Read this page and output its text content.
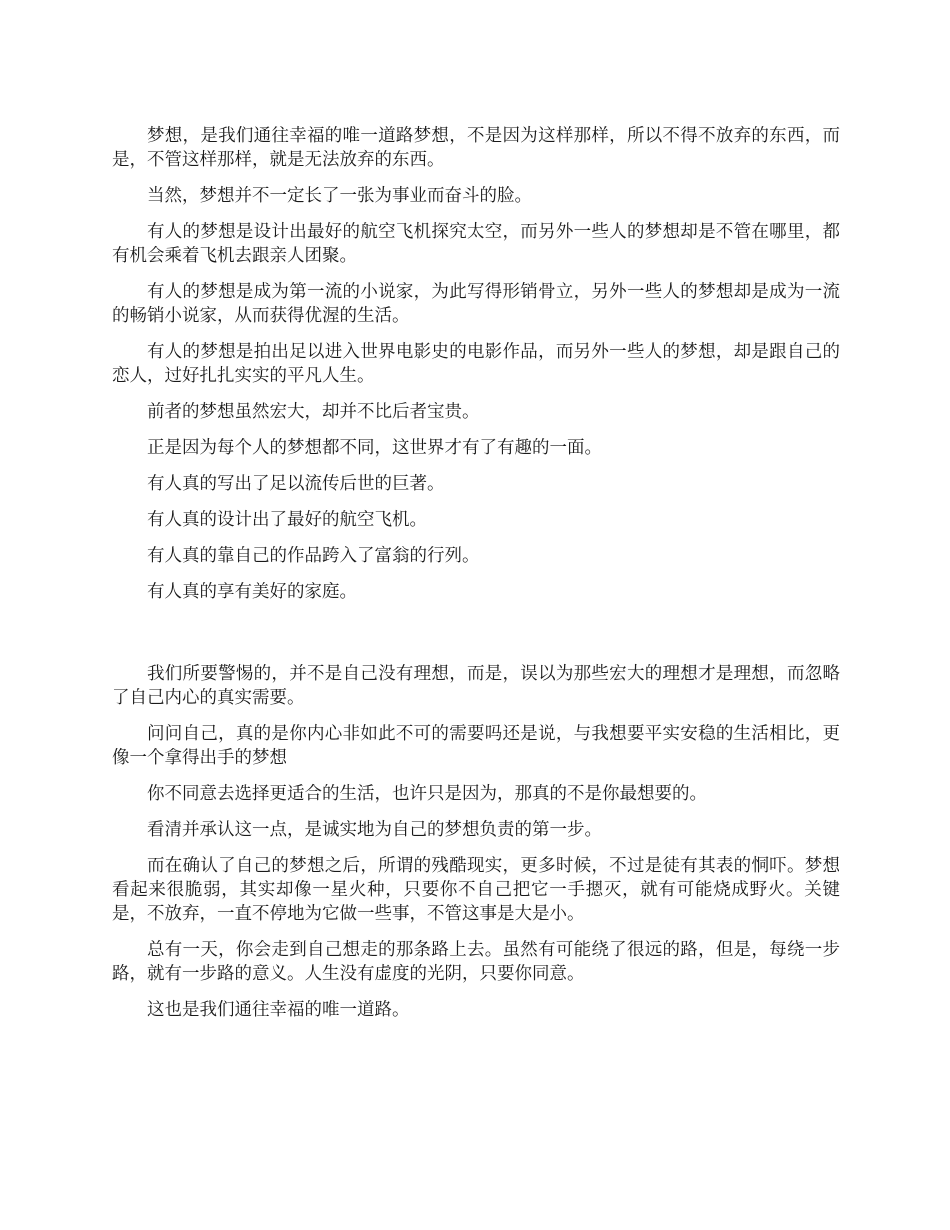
梦想，是我们通往幸福的唯一道路梦想，不是因为这样那样，所以不得不放弃的东西，而是，不管这样那样，就是无法放弃的东西。

当然，梦想并不一定长了一张为事业而奋斗的脸。

有人的梦想是设计出最好的航空飞机探究太空，而另外一些人的梦想却是不管在哪里，都有机会乘着飞机去跟亲人团聚。

有人的梦想是成为第一流的小说家，为此写得形销骨立，另外一些人的梦想却是成为一流的畅销小说家，从而获得优渥的生活。

有人的梦想是拍出足以进入世界电影史的电影作品，而另外一些人的梦想，却是跟自己的恋人，过好扎扎实实的平凡人生。

前者的梦想虽然宏大，却并不比后者宝贵。

正是因为每个人的梦想都不同，这世界才有了有趣的一面。

有人真的写出了足以流传后世的巨著。

有人真的设计出了最好的航空飞机。

有人真的靠自己的作品跨入了富翁的行列。

有人真的享有美好的家庭。

我们所要警惕的，并不是自己没有理想，而是，误以为那些宏大的理想才是理想，而忽略了自己内心的真实需要。

问问自己，真的是你内心非如此不可的需要吗还是说，与我想要平实安稳的生活相比，更像一个拿得出手的梦想

你不同意去选择更适合的生活，也许只是因为，那真的不是你最想要的。

看清并承认这一点，是诚实地为自己的梦想负责的第一步。

而在确认了自己的梦想之后，所谓的残酷现实，更多时候，不过是徒有其表的恫吓。梦想看起来很脆弱，其实却像一星火种，只要你不自己把它一手摁灭，就有可能烧成野火。关键是，不放弃，一直不停地为它做一些事，不管这事是大是小。

总有一天，你会走到自己想走的那条路上去。虽然有可能绕了很远的路，但是，每绕一步路，就有一步路的意义。人生没有虚度的光阴，只要你同意。

这也是我们通往幸福的唯一道路。
